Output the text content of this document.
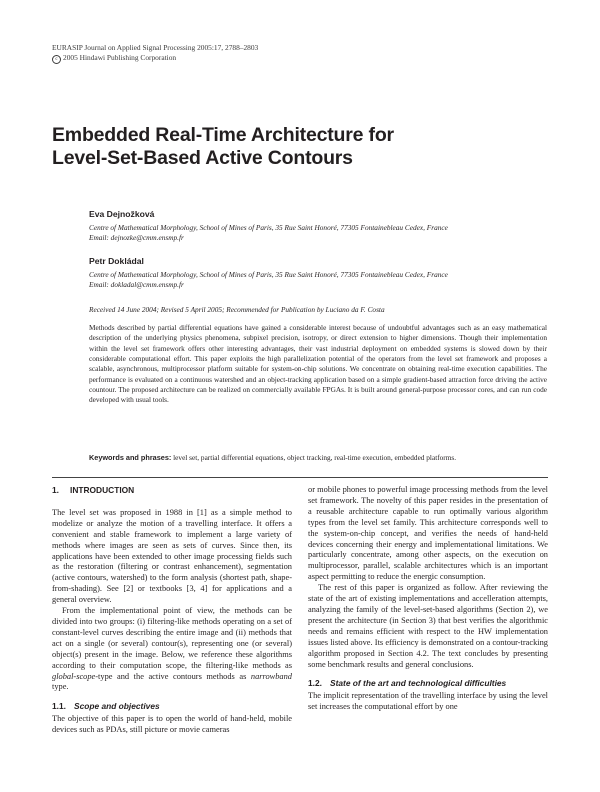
EURASIP Journal on Applied Signal Processing 2005:17, 2788–2803
c 2005 Hindawi Publishing Corporation
Embedded Real-Time Architecture for
Level-Set-Based Active Contours
Eva Dejnožková
Centre of Mathematical Morphology, School of Mines of Paris, 35 Rue Saint Honoré, 77305 Fontainebleau Cedex, France
Email: dejnozke@cmm.ensmp.fr
Petr Dokládal
Centre of Mathematical Morphology, School of Mines of Paris, 35 Rue Saint Honoré, 77305 Fontainebleau Cedex, France
Email: dokladal@cmm.ensmp.fr
Received 14 June 2004; Revised 5 April 2005; Recommended for Publication by Luciano da F. Costa
Methods described by partial differential equations have gained a considerable interest because of undoubtful advantages such as an easy mathematical description of the underlying physics phenomena, subpixel precision, isotropy, or direct extension to higher dimensions. Though their implementation within the level set framework offers other interesting advantages, their vast industrial deployment on embedded systems is slowed down by their considerable computational effort. This paper exploits the high parallelization potential of the operators from the level set framework and proposes a scalable, asynchronous, multiprocessor platform suitable for system-on-chip solutions. We concentrate on obtaining real-time execution capabilities. The performance is evaluated on a continuous watershed and an object-tracking application based on a simple gradient-based attraction force driving the active countour. The proposed architecture can be realized on commercially available FPGAs. It is built around general-purpose processor cores, and can run code developed with usual tools.
Keywords and phrases: level set, partial differential equations, object tracking, real-time execution, embedded platforms.
1. INTRODUCTION

The level set was proposed in 1988 in [1] as a simple method to modelize or analyze the motion of a travelling interface. It offers a convenient and stable framework to implement a large variety of methods where images are seen as sets of curves. Since then, its applications have been extended to other image processing fields such as the restoration (filtering or contrast enhancement), segmentation (active contours, watershed) to the form analysis (shortest path, shape-from-shading). See [2] or textbooks [3, 4] for applications and a general overview.

From the implementational point of view, the methods can be divided into two groups: (i) filtering-like methods operating on a set of constant-level curves describing the entire image and (ii) methods that act on a single (or several) contour(s), representing one (or several) object(s) present in the image. Below, we reference these algorithms according to their computation scope, the filtering-like methods as global-scope-type and the active contours methods as narrowband type.

1.1. Scope and objectives

The objective of this paper is to open the world of hand-held, mobile devices such as PDAs, still picture or movie cameras

or mobile phones to powerful image processing methods from the level set framework. The novelty of this paper resides in the presentation of a reusable architecture capable to run optimally various algorithm types from the level set family. This architecture corresponds well to the system-on-chip concept, and verifies the needs of hand-held devices concerning their energy and implementational limitations. We particularly concentrate, among other aspects, on the execution on multiprocessor, parallel, scalable architectures which is an important aspect permitting to reduce the energic consumption.

The rest of this paper is organized as follow. After reviewing the state of the art of existing implementations and accelleration attempts, analyzing the family of the level-set-based algorithms (Section 2), we present the architecture (in Section 3) that best verifies the algorithmic needs and remains efficient with respect to the HW implementation issues listed above. Its efficiency is demonstrated on a contour-tracking algorithm proposed in Section 4.2. The text concludes by presenting some benchmark results and general conclusions.

1.2. State of the art and technological difficulties

The implicit representation of the travelling interface by using the level set increases the computational effort by one
